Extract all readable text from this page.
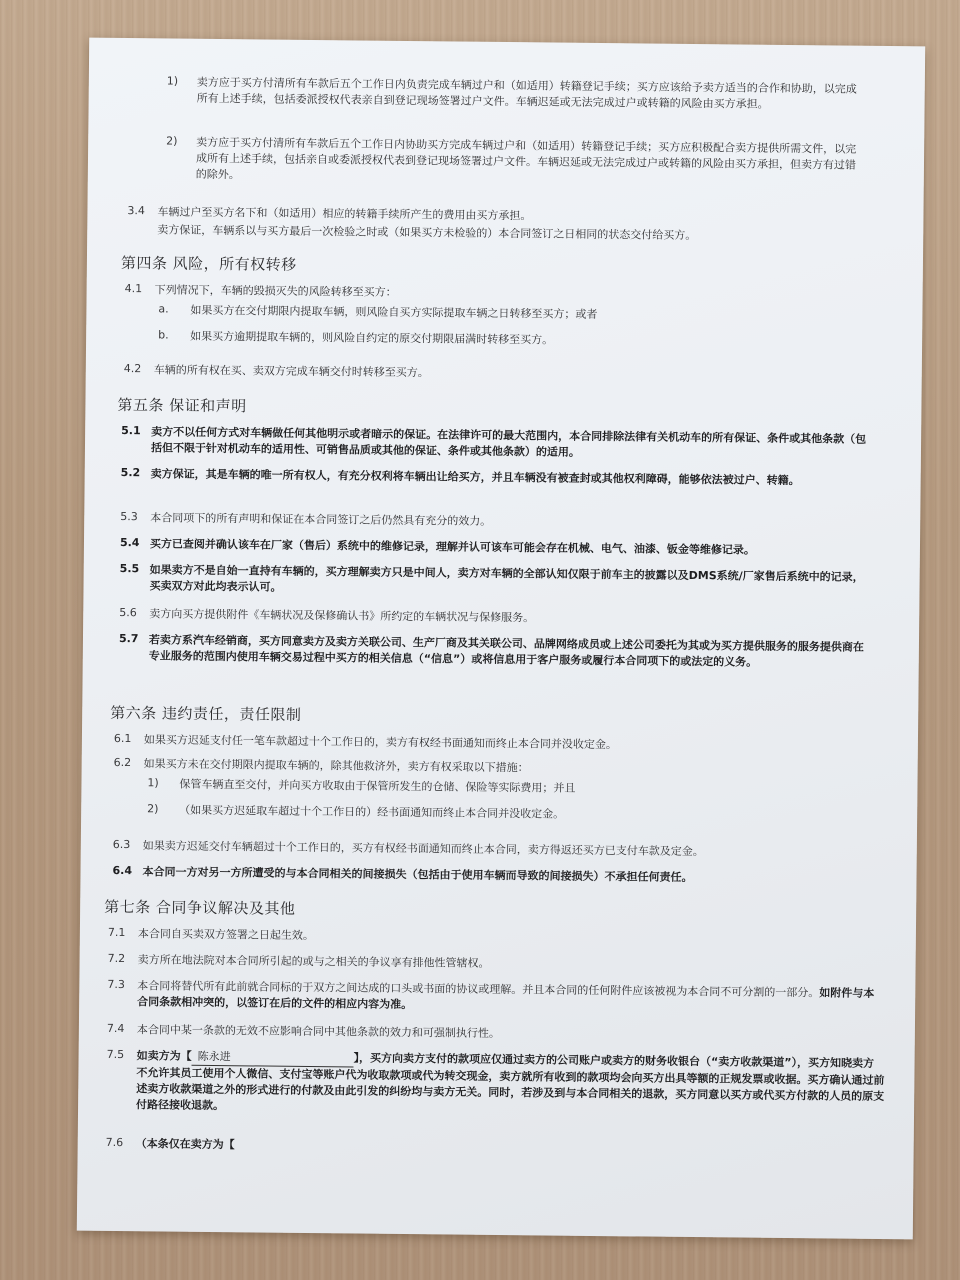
1) 卖方应于买方付清所有车款后五个工作日内负责完成车辆过户和（如适用）转籍登记手续；买方应该给予卖方适当的合作和协助，以完成所有上述手续，包括委派授权代表亲自到登记现场签署过户文件。车辆迟延或无法完成过户或转籍的风险由买方承担。
2) 卖方应于买方付清所有车款后五个工作日内协助买方完成车辆过户和（如适用）转籍登记手续；买方应积极配合卖方提供所需文件，以完成所有上述手续，包括亲自或委派授权代表到登记现场签署过户文件。车辆迟延或无法完成过户或转籍的风险由买方承担，但卖方有过错的除外。
3.4 车辆过户至买方名下和（如适用）相应的转籍手续所产生的费用由买方承担。
卖方保证，车辆系以与买方最后一次检验之时或（如果买方未检验的）本合同签订之日相同的状态交付给买方。
第四条 风险，所有权转移
4.1 下列情况下，车辆的毁损灭失的风险转移至买方：
a. 如果买方在交付期限内提取车辆，则风险自买方实际提取车辆之日转移至买方；或者
b. 如果买方逾期提取车辆的，则风险自约定的原交付期限届满时转移至买方。
4.2 车辆的所有权在买、卖双方完成车辆交付时转移至买方。
第五条 保证和声明
5.1 卖方不以任何方式对车辆做任何其他明示或者暗示的保证。在法律许可的最大范围内，本合同排除法律有关机动车的所有保证、条件或其他条款（包括但不限于针对机动车的适用性、可销售品质或其他的保证、条件或其他条款）的适用。
5.2 卖方保证，其是车辆的唯一所有权人，有充分权利将车辆出让给买方，并且车辆没有被查封或其他权利障碍，能够依法被过户、转籍。
5.3 本合同项下的所有声明和保证在本合同签订之后仍然具有充分的效力。
5.4 买方已查阅并确认该车在厂家（售后）系统中的维修记录，理解并认可该车可能会存在机械、电气、油漆、钣金等维修记录。
5.5 如果卖方不是自始一直持有车辆的，买方理解卖方只是中间人，卖方对车辆的全部认知仅限于前车主的披露以及DMS系统/厂家售后系统中的记录，买卖双方对此均表示认可。
5.6 卖方向买方提供附件《车辆状况及保修确认书》所约定的车辆状况与保修服务。
5.7 若卖方系汽车经销商，买方同意卖方及卖方关联公司、生产厂商及其关联公司、品牌网络成员或上述公司委托为其或为买方提供服务的服务提供商在专业服务的范围内使用车辆交易过程中买方的相关信息（“信息”）或将信息用于客户服务或履行本合同项下的或法定的义务。
第六条 违约责任，责任限制
6.1 如果买方迟延支付任一笔车款超过十个工作日的，卖方有权经书面通知而终止本合同并没收定金。
6.2 如果买方未在交付期限内提取车辆的，除其他救济外，卖方有权采取以下措施：
1) 保管车辆直至交付，并向买方收取由于保管所发生的仓储、保险等实际费用；并且
2) （如果买方迟延取车超过十个工作日的）经书面通知而终止本合同并没收定金。
6.3 如果卖方迟延交付车辆超过十个工作日的，买方有权经书面通知而终止本合同，卖方得返还买方已支付车款及定金。
6.4 本合同一方对另一方所遭受的与本合同相关的间接损失（包括由于使用车辆而导致的间接损失）不承担任何责任。
第七条 合同争议解决及其他
7.1 本合同自买卖双方签署之日起生效。
7.2 卖方所在地法院对本合同所引起的或与之相关的争议享有排他性管辖权。
7.3 本合同将替代所有此前就合同标的于双方之间达成的口头或书面的协议或理解。并且本合同的任何附件应该被视为本合同不可分割的一部分。如附件与本合同条款相冲突的，以签订在后的文件的相应内容为准。
7.4 本合同中某一条款的无效不应影响合同中其他条款的效力和可强制执行性。
7.5 如卖方为【 陈永进	】，买方向卖方支付的款项应仅通过卖方的公司账户或卖方的财务收银台（“卖方收款渠道”），买方知晓卖方不允许其员工使用个人微信、支付宝等账户代为收取款项或代为转交现金，卖方就所有收到的款项均会向买方出具等额的正规发票或收据。买方确认通过前述卖方收款渠道之外的形式进行的付款及由此引发的纠纷均与卖方无关。同时，若涉及到与本合同相关的退款，买方同意以买方或代买方付款的人员的原支付路径接收退款。
7.6 （本条仅在卖方为【
